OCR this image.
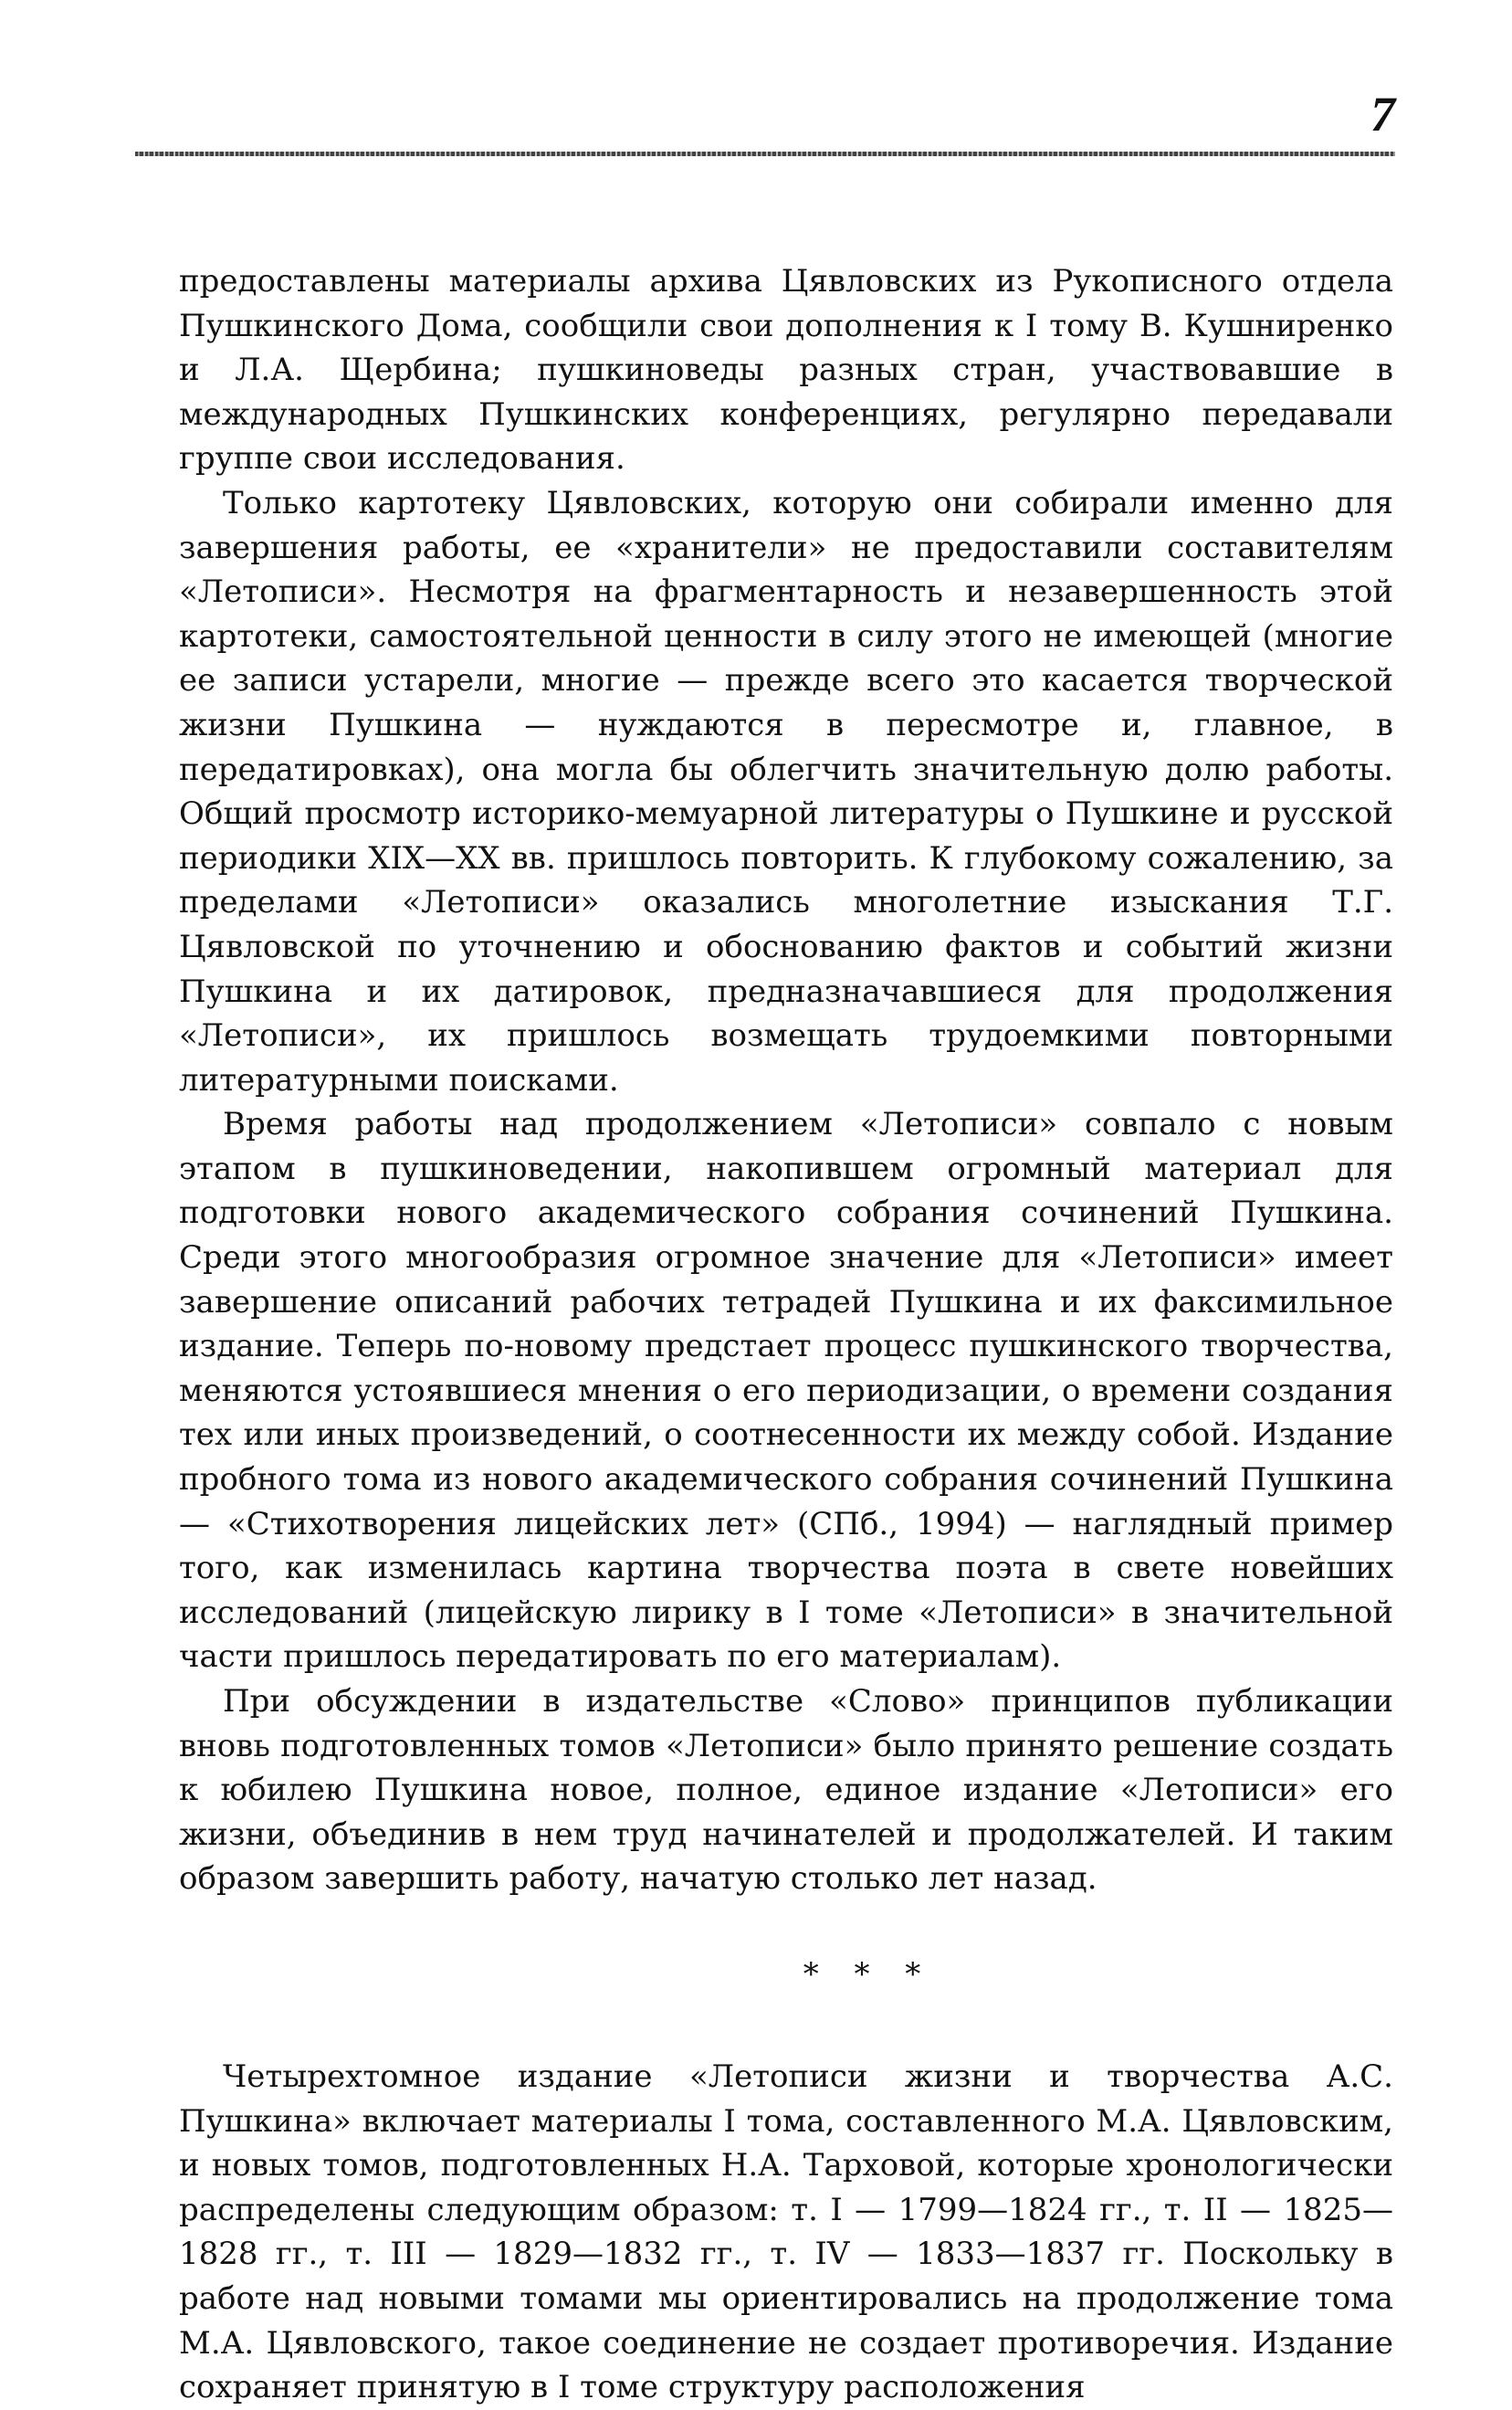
7

предоставлены материалы архива Цявловских из Рукописного отдела Пушкинского Дома, сообщили свои дополнения к I тому В. Кушниренко и Л.А. Щербина; пушкиноведы разных стран, участвовавшие в международных Пушкинских конференциях, регулярно передавали группе свои исследования.

Только картотеку Цявловских, которую они собирали именно для завершения работы, ее «хранители» не предоставили составителям «Летописи». Несмотря на фрагментарность и незавершенность этой картотеки, самостоятельной ценности в силу этого не имеющей (многие ее записи устарели, многие — прежде всего это касается творческой жизни Пушкина — нуждаются в пересмотре и, главное, в передатировках), она могла бы облегчить значительную долю работы. Общий просмотр историко-мемуарной литературы о Пушкине и русской периодики XIX—XX вв. пришлось повторить. К глубокому сожалению, за пределами «Летописи» оказались многолетние изыскания Т.Г. Цявловской по уточнению и обоснованию фактов и событий жизни Пушкина и их датировок, предназначавшиеся для продолжения «Летописи», их пришлось возмещать трудоемкими повторными литературными поисками.

Время работы над продолжением «Летописи» совпало с новым этапом в пушкиноведении, накопившем огромный материал для подготовки нового академического собрания сочинений Пушкина. Среди этого многообразия огромное значение для «Летописи» имеет завершение описаний рабочих тетрадей Пушкина и их факсимильное издание. Теперь по-новому предстает процесс пушкинского творчества, меняются устоявшиеся мнения о его периодизации, о времени создания тех или иных произведений, о соотнесенности их между собой. Издание пробного тома из нового академического собрания сочинений Пушкина — «Стихотворения лицейских лет» (СПб., 1994) — наглядный пример того, как изменилась картина творчества поэта в свете новейших исследований (лицейскую лирику в I томе «Летописи» в значительной части пришлось передатировать по его материалам).

При обсуждении в издательстве «Слово» принципов публикации вновь подготовленных томов «Летописи» было принято решение создать к юбилею Пушкина новое, полное, единое издание «Летописи» его жизни, объединив в нем труд начинателей и продолжателей. И таким образом завершить работу, начатую столько лет назад.

* * *

Четырехтомное издание «Летописи жизни и творчества А.С. Пушкина» включает материалы I тома, составленного М.А. Цявловским, и новых томов, подготовленных Н.А. Тарховой, которые хронологически распределены следующим образом: т. I — 1799—1824 гг., т. II — 1825—1828 гг., т. III — 1829—1832 гг., т. IV — 1833—1837 гг. Поскольку в работе над новыми томами мы ориентировались на продолжение тома М.А. Цявловского, такое соединение не создает противоречия. Издание сохраняет принятую в I томе структуру расположения
